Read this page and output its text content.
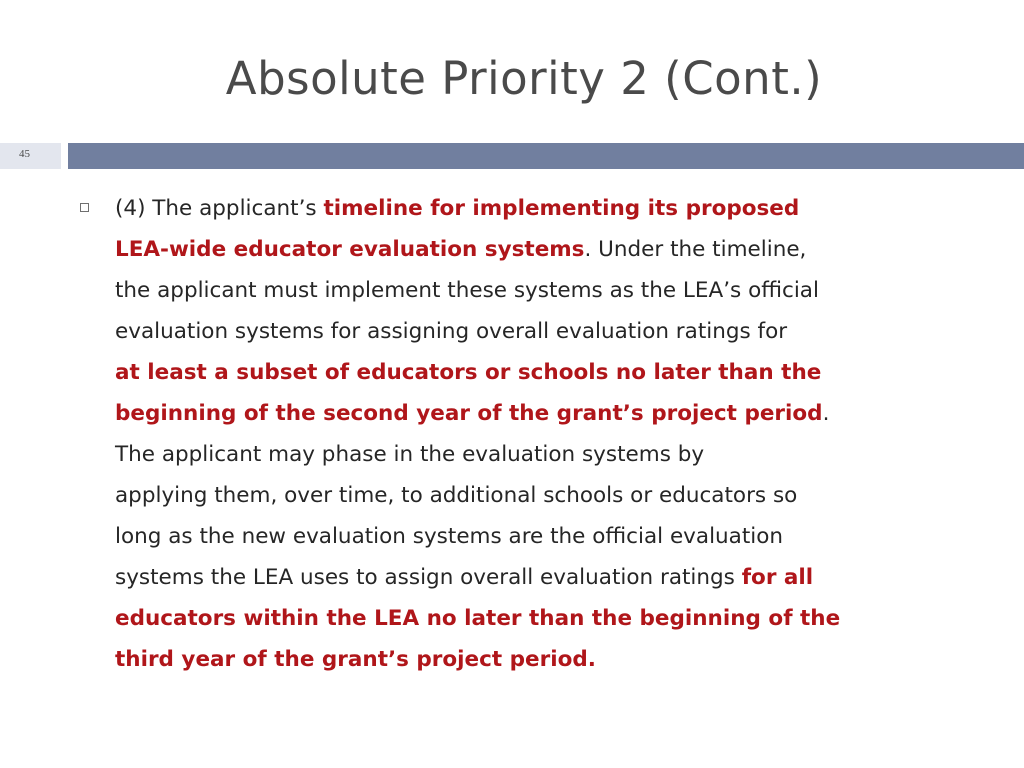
Absolute Priority 2 (Cont.)
45

(4) The applicant’s timeline for implementing its proposed
LEA-wide educator evaluation systems. Under the timeline,
the applicant must implement these systems as the LEA’s official
evaluation systems for assigning overall evaluation ratings for
at least a subset of educators or schools no later than the
beginning of the second year of the grant’s project period.
The applicant may phase in the evaluation systems by
applying them, over time, to additional schools or educators so
long as the new evaluation systems are the official evaluation
systems the LEA uses to assign overall evaluation ratings for all
educators within the LEA no later than the beginning of the
third year of the grant’s project period.
